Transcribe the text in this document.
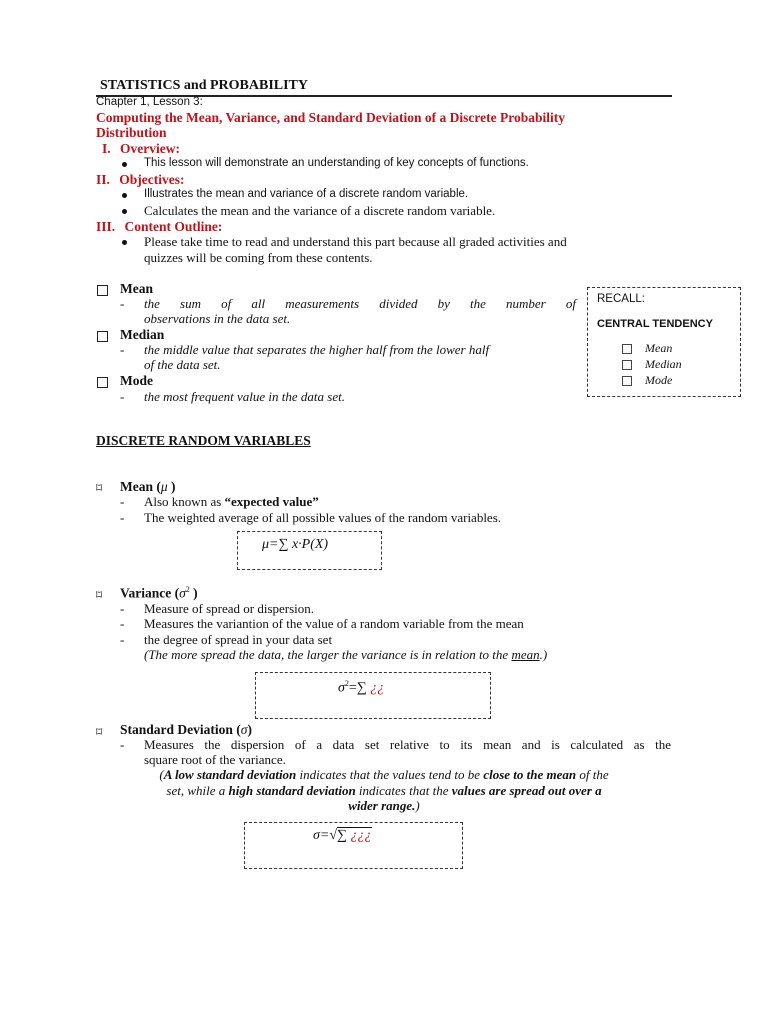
STATISTICS and PROBABILITY
Chapter 1, Lesson 3:
Computing the Mean, Variance, and Standard Deviation of a Discrete Probability
Distribution
I. Overview:
This lesson will demonstrate an understanding of key concepts of functions.
II. Objectives:
Illustrates the mean and variance of a discrete random variable.
Calculates the mean and the variance of a discrete random variable.
III. Content Outline:
Please take time to read and understand this part because all graded activities and
quizzes will be coming from these contents.
Mean
- the sum of all measurements divided by the number of
observations in the data set.
Median
- the middle value that separates the higher half from the lower half
of the data set.
Mode
- the most frequent value in the data set.
RECALL:
CENTRAL TENDENCY
Mean
Median
Mode
DISCRETE RANDOM VARIABLES
⌑ Mean (μ )
- Also known as “expected value”
- The weighted average of all possible values of the random variables.
μ=∑ x·P(X)
⌑ Variance ($\sigma^2$ )
- Measure of spread or dispersion.
- Measures the variantion of the value of a random variable from the mean
- the degree of spread in your data set
(The more spread the data, the larger the variance is in relation to the mean.)
$\sigma^2=\sum$ ¿¿
⌑ Standard Deviation (σ)
- Measures the dispersion of a data set relative to its mean and is calculated as the
square root of the variance.
(A low standard deviation indicates that the values tend to be close to the mean of the
set, while a high standard deviation indicates that the values are spread out over a
wider range.)
σ=√∑ ¿¿¿
